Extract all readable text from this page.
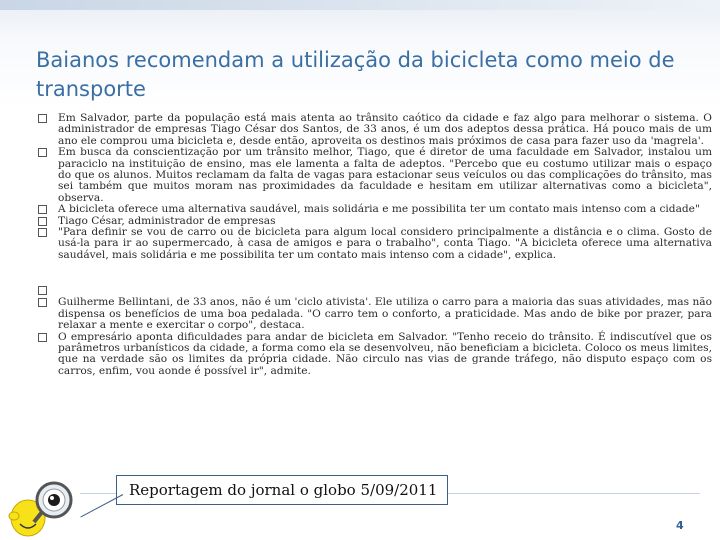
Baianos recomendam a utilização da bicicleta como meio de transporte

Em Salvador, parte da população está mais atenta ao trânsito caótico da cidade e faz algo para melhorar o sistema. O administrador de empresas Tiago César dos Santos, de 33 anos, é um dos adeptos dessa prática. Há pouco mais de um ano ele comprou uma bicicleta e, desde então, aproveita os destinos mais próximos de casa para fazer uso da 'magrela'.

Em busca da conscientização por um trânsito melhor, Tiago, que é diretor de uma faculdade em Salvador, instalou um paraciclo na instituição de ensino, mas ele lamenta a falta de adeptos. "Percebo que eu costumo utilizar mais o espaço do que os alunos. Muitos reclamam da falta de vagas para estacionar seus veículos ou das complicações do trânsito, mas sei também que muitos moram nas proximidades da faculdade e hesitam em utilizar alternativas como a bicicleta", observa.

A bicicleta oferece uma alternativa saudável, mais solidária e me possibilita ter um contato mais intenso com a cidade"

Tiago César, administrador de empresas

"Para definir se vou de carro ou de bicicleta para algum local considero principalmente a distância e o clima. Gosto de usá-la para ir ao supermercado, à casa de amigos e para o trabalho", conta Tiago. "A bicicleta oferece uma alternativa saudável, mais solidária e me possibilita ter um contato mais intenso com a cidade", explica.

Guilherme Bellintani, de 33 anos, não é um 'ciclo ativista'. Ele utiliza o carro para a maioria das suas atividades, mas não dispensa os benefícios de uma boa pedalada. "O carro tem o conforto, a praticidade. Mas ando de bike por prazer, para relaxar a mente e exercitar o corpo", destaca.

O empresário aponta dificuldades para andar de bicicleta em Salvador. "Tenho receio do trânsito. É indiscutível que os parâmetros urbanísticos da cidade, a forma como ela se desenvolveu, não beneficiam a bicicleta. Coloco os meus limites, que na verdade são os limites da própria cidade. Não circulo nas vias de grande tráfego, não disputo espaço com os carros, enfim, vou aonde é possível ir", admite.

Reportagem do jornal o globo 5/09/2011
4
